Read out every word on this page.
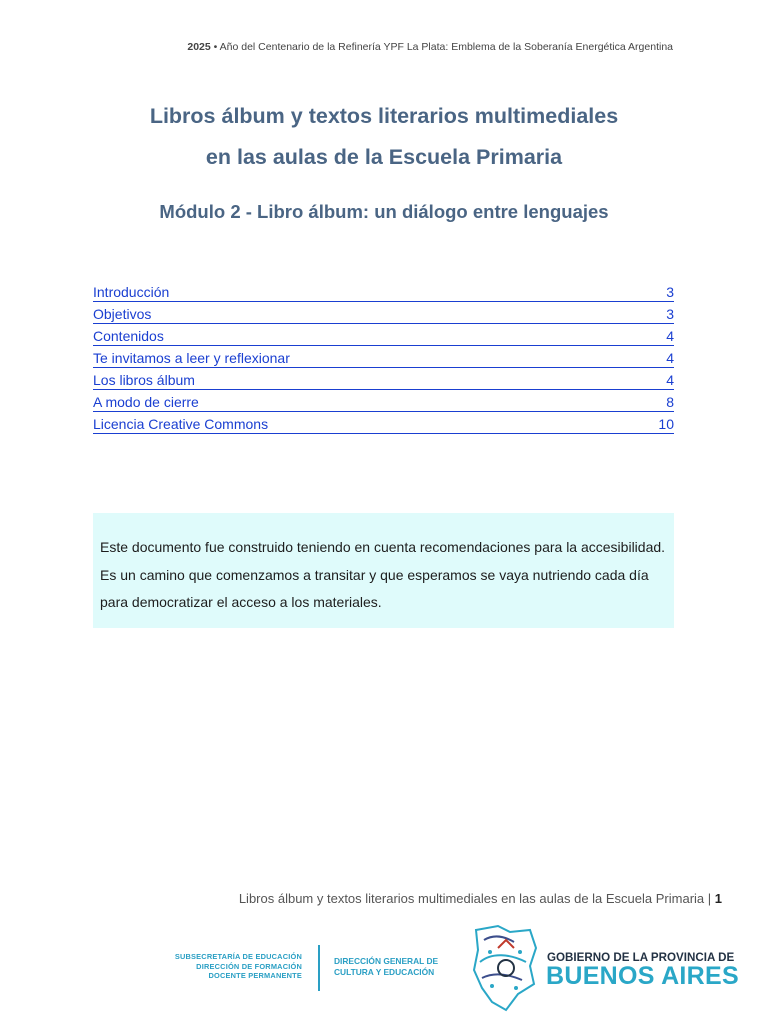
2025 • Año del Centenario de la Refinería YPF La Plata: Emblema de la Soberanía Energética Argentina
Libros álbum y textos literarios multimediales
en las aulas de la Escuela Primaria
Módulo 2 - Libro álbum: un diálogo entre lenguajes
Introducción	3
Objetivos	3
Contenidos	4
Te invitamos a leer y reflexionar	4
Los libros álbum	4
A modo de cierre	8
Licencia Creative Commons	10

Este documento fue construido teniendo en cuenta recomendaciones para la accesibilidad. Es un camino que comenzamos a transitar y que esperamos se vaya nutriendo cada día para democratizar el acceso a los materiales.

Libros álbum y textos literarios multimediales en las aulas de la Escuela Primaria | 1
SUBSECRETARÍA DE EDUCACIÓN
DIRECCIÓN DE FORMACIÓN
DOCENTE PERMANENTE
DIRECCIÓN GENERAL DE
CULTURA Y EDUCACIÓN
GOBIERNO DE LA PROVINCIA DE
BUENOS AIRES
